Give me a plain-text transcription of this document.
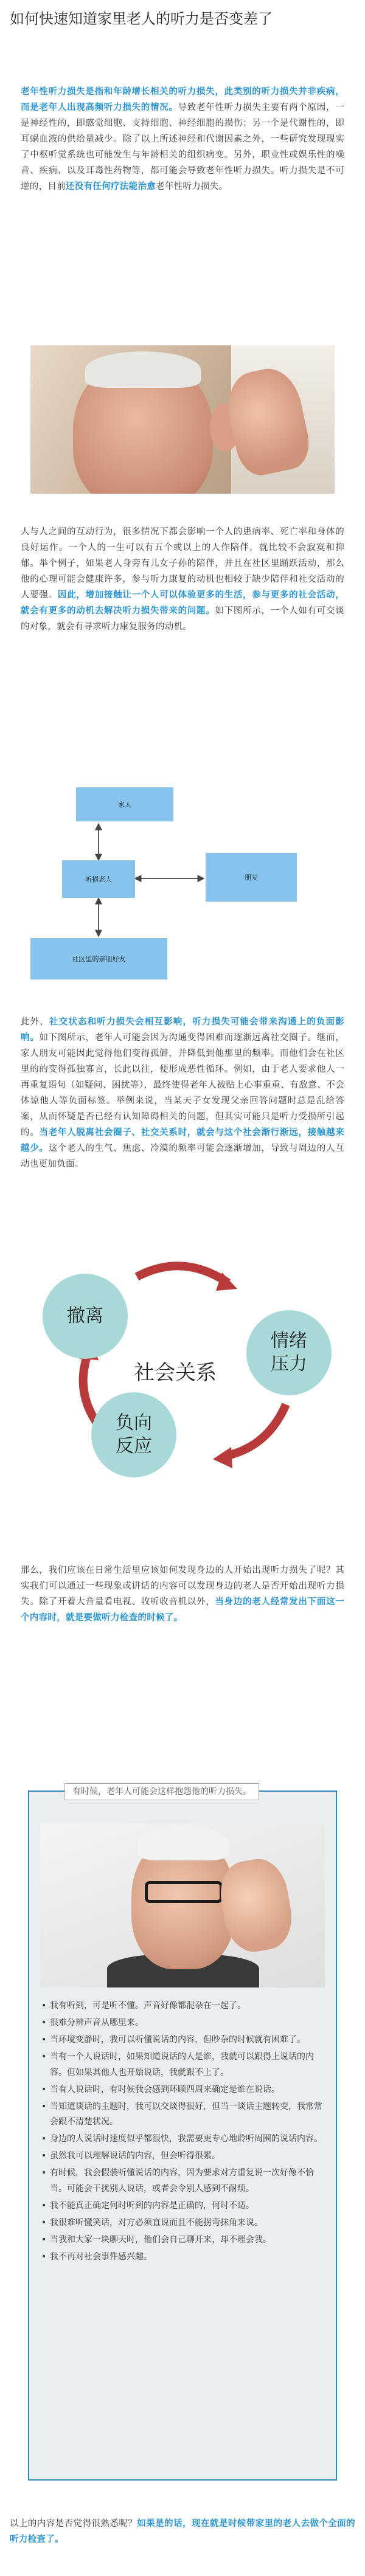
如何快速知道家里老人的听力是否变差了

老年性听力损失是指和年龄增长相关的听力损失，此类别的听力损失并非疾病，而是老年人出现高频听力损失的情况。导致老年性听力损失主要有两个原因，一是神经性的，即感觉细胞、支持细胞、神经细胞的损伤；另一个是代谢性的，即耳蜗血液的供给量减少。除了以上所述神经和代谢因素之外，一些研究发现现实了中枢听觉系统也可能发生与年龄相关的组织病变。另外，职业性或娱乐性的噪音、疾病、以及耳毒性药物等，都可能会导致老年性听力损失。听力损失是不可逆的，目前还没有任何疗法能治愈老年性听力损失。

人与人之间的互动行为，很多情况下都会影响一个人的患病率、死亡率和身体的良好运作。一个人的一生可以有五个或以上的人作陪伴，就比较不会寂寞和抑郁。举个例子，如果老人身旁有儿女子孙的陪伴，并且在社区里踊跃活动，那么他的心理可能会健康许多，参与听力康复的动机也相较于缺少陪伴和社交活动的人要强。因此，增加接触让一个人可以体验更多的生活，参与更多的社会活动，就会有更多的动机去解决听力损失带来的问题。如下图所示，一个人如有可交谈的对象，就会有寻求听力康复服务的动机。

家人
听损老人	朋友
社区里的亲朋好友

此外，社交状态和听力损失会相互影响，听力损失可能会带来沟通上的负面影响。如下图所示，老年人可能会因为沟通变得困难而逐渐远离社交圈子。继而，家人朋友可能因此觉得他们变得孤僻，并降低到他那里的频率。而他们会在社区里的的变得孤独寡言，长此以往，便形成恶性循环。例如，由于老人要求他人一再重复语句（如疑问、困扰等），最终使得老年人被贴上心事重重、有敌意、不会体谅他人等负面标签。举例来说，当某天子女发现父亲回答问题时总是乱给答案，从而怀疑是否已经有认知障碍相关的问题，但其实可能只是听力受损所引起的。当老年人脱离社会圈子、社交关系时，就会与这个社会渐行渐远，接触越来越少。这个老人的生气、焦虑、冷漠的频率可能会逐渐增加，导致与周边的人互动也更加负面。

撤离
情绪压力
负向反应
社会关系

那么，我们应该在日常生活里应该如何发现身边的人开始出现听力损失了呢？其实我们可以通过一些现象或讲话的内容可以发现身边的老人是否开始出现听力损失。除了开着大音量看电视、收听收音机以外，当身边的老人经常发出下面这一个内容时，就是要做听力检查的时候了。

有时候，老年人可能会这样抱怨他的听力损失。
• 我有听到，可是听不懂。声音好像都混杂在一起了。
• 很难分辨声音从哪里来。
• 当环境变静时，我可以听懂说话的内容，但吵杂的时候就有困难了。
• 当有一个人说话时，如果知道说话的人是谁，我就可以跟得上说话的内容。但如果其他人也开始说话，我就跟不上了。
• 当有人说话时，有时候我会感到环顾四周来确定是谁在说话。
• 当知道谈话的主题时，我可以交谈得很好，但当一谈话主题转变，我常常会跟不清楚状况。
• 身边的人说话时速度似乎都很快，我需要更专心地聆听周围的说话内容。
• 虽然我可以理解说话的内容，但会听得很累。
• 有时候，我会假装听懂说话的内容，因为要求对方重复说一次好像不恰当。可能会干扰别人说话，或者会令别人感到不耐烦。
• 我不能真正确定何时听到的内容是正确的，何时不适。
• 我很难听懂笑话，对方必须直说而且不能拐弯抹角来说。
• 当我和大家一块聊天时，他们会自己聊开来，却不理会我。
• 我不再对社会事件感兴趣。

以上的内容是否觉得很熟悉呢？如果是的话，现在就是时候带家里的老人去做个全面的听力检查了。
